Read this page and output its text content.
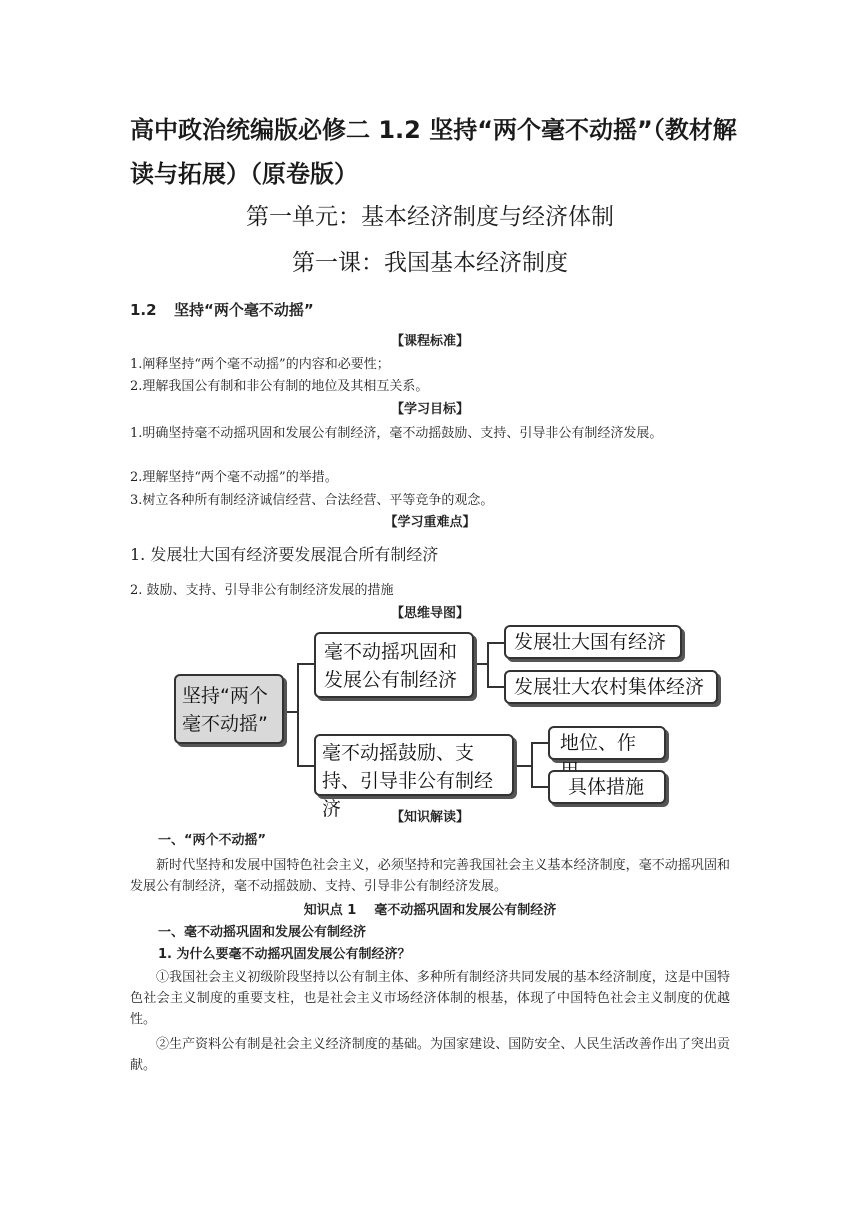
高中政治统编版必修二 1.2 坚持“两个毫不动摇”（教材解读与拓展）（原卷版）
第一单元：基本经济制度与经济体制
第一课：我国基本经济制度
1.2 坚持“两个毫不动摇”
【课程标准】
1.阐释坚持“两个毫不动摇”的内容和必要性；
2.理解我国公有制和非公有制的地位及其相互关系。
【学习目标】
1.明确坚持毫不动摇巩固和发展公有制经济，毫不动摇鼓励、支持、引导非公有制经济发展。
2.理解坚持“两个毫不动摇”的举措。
3.树立各种所有制经济诚信经营、合法经营、平等竞争的观念。
【学习重难点】
1. 发展壮大国有经济要发展混合所有制经济
2. 鼓励、支持、引导非公有制经济发展的措施
【思维导图】
坚持“两个毫不动摇”
毫不动摇巩固和发展公有制经济
毫不动摇鼓励、支持、引导非公有制经济
发展壮大国有经济
发展壮大农村集体经济
地位、作
具体措施
【知识解读】
一、“两个不动摇”
新时代坚持和发展中国特色社会主义，必须坚持和完善我国社会主义基本经济制度，毫不动摇巩固和发展公有制经济，毫不动摇鼓励、支持、引导非公有制经济发展。
知识点 1 毫不动摇巩固和发展公有制经济
一、毫不动摇巩固和发展公有制经济
1. 为什么要毫不动摇巩固发展公有制经济？
①我国社会主义初级阶段坚持以公有制主体、多种所有制经济共同发展的基本经济制度，这是中国特色社会主义制度的重要支柱，也是社会主义市场经济体制的根基，体现了中国特色社会主义制度的优越性。
②生产资料公有制是社会主义经济制度的基础。为国家建设、国防安全、人民生活改善作出了突出贡献。
